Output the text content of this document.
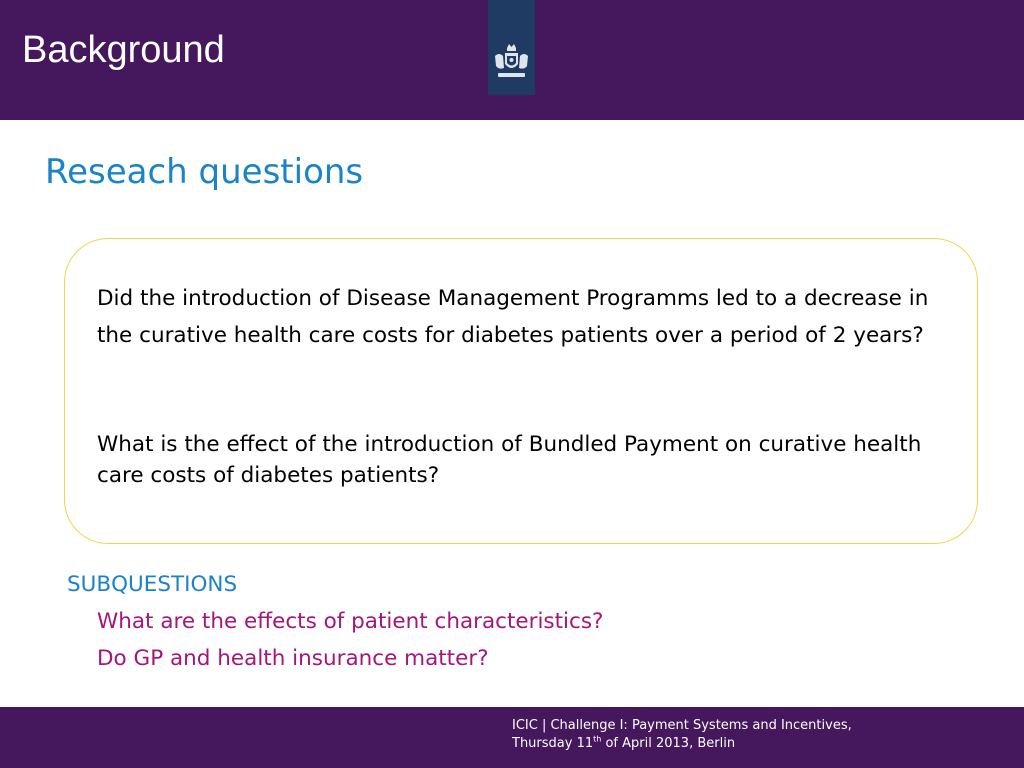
Background
Reseach questions

Did the introduction of Disease Management Programms led to a decrease in the curative health care costs for diabetes patients over a period of 2 years?

What is the effect of the introduction of Bundled Payment on curative health care costs of diabetes patients?

SUBQUESTIONS
What are the effects of patient characteristics?
Do GP and health insurance matter?
ICIC | Challenge I: Payment Systems and Incentives,
Thursday 11th of April 2013, Berlin
